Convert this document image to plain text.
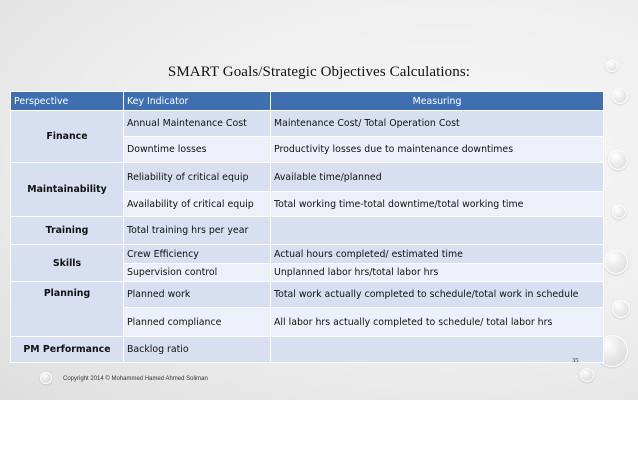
SMART Goals/Strategic Objectives Calculations:
Perspective	Key Indicator	Measuring
Finance	Annual Maintenance Cost	Maintenance Cost/ Total Operation Cost
	Downtime losses	Productivity losses due to maintenance downtimes
Maintainability	Reliability of critical equip	Available time/planned
	Availability of critical equip	Total working time-total downtime/total working time
Training	Total training hrs per year	
Skills	Crew Efficiency	Actual hours completed/ estimated time
	Supervision control	Unplanned labor hrs/total labor hrs
Planning	Planned work	Total work actually completed to schedule/total work in schedule
	Planned compliance	All labor hrs actually completed to schedule/ total labor hrs
PM Performance	Backlog ratio	
35
Copyright 2014 © Mohammed Hamed Ahmed Soliman
